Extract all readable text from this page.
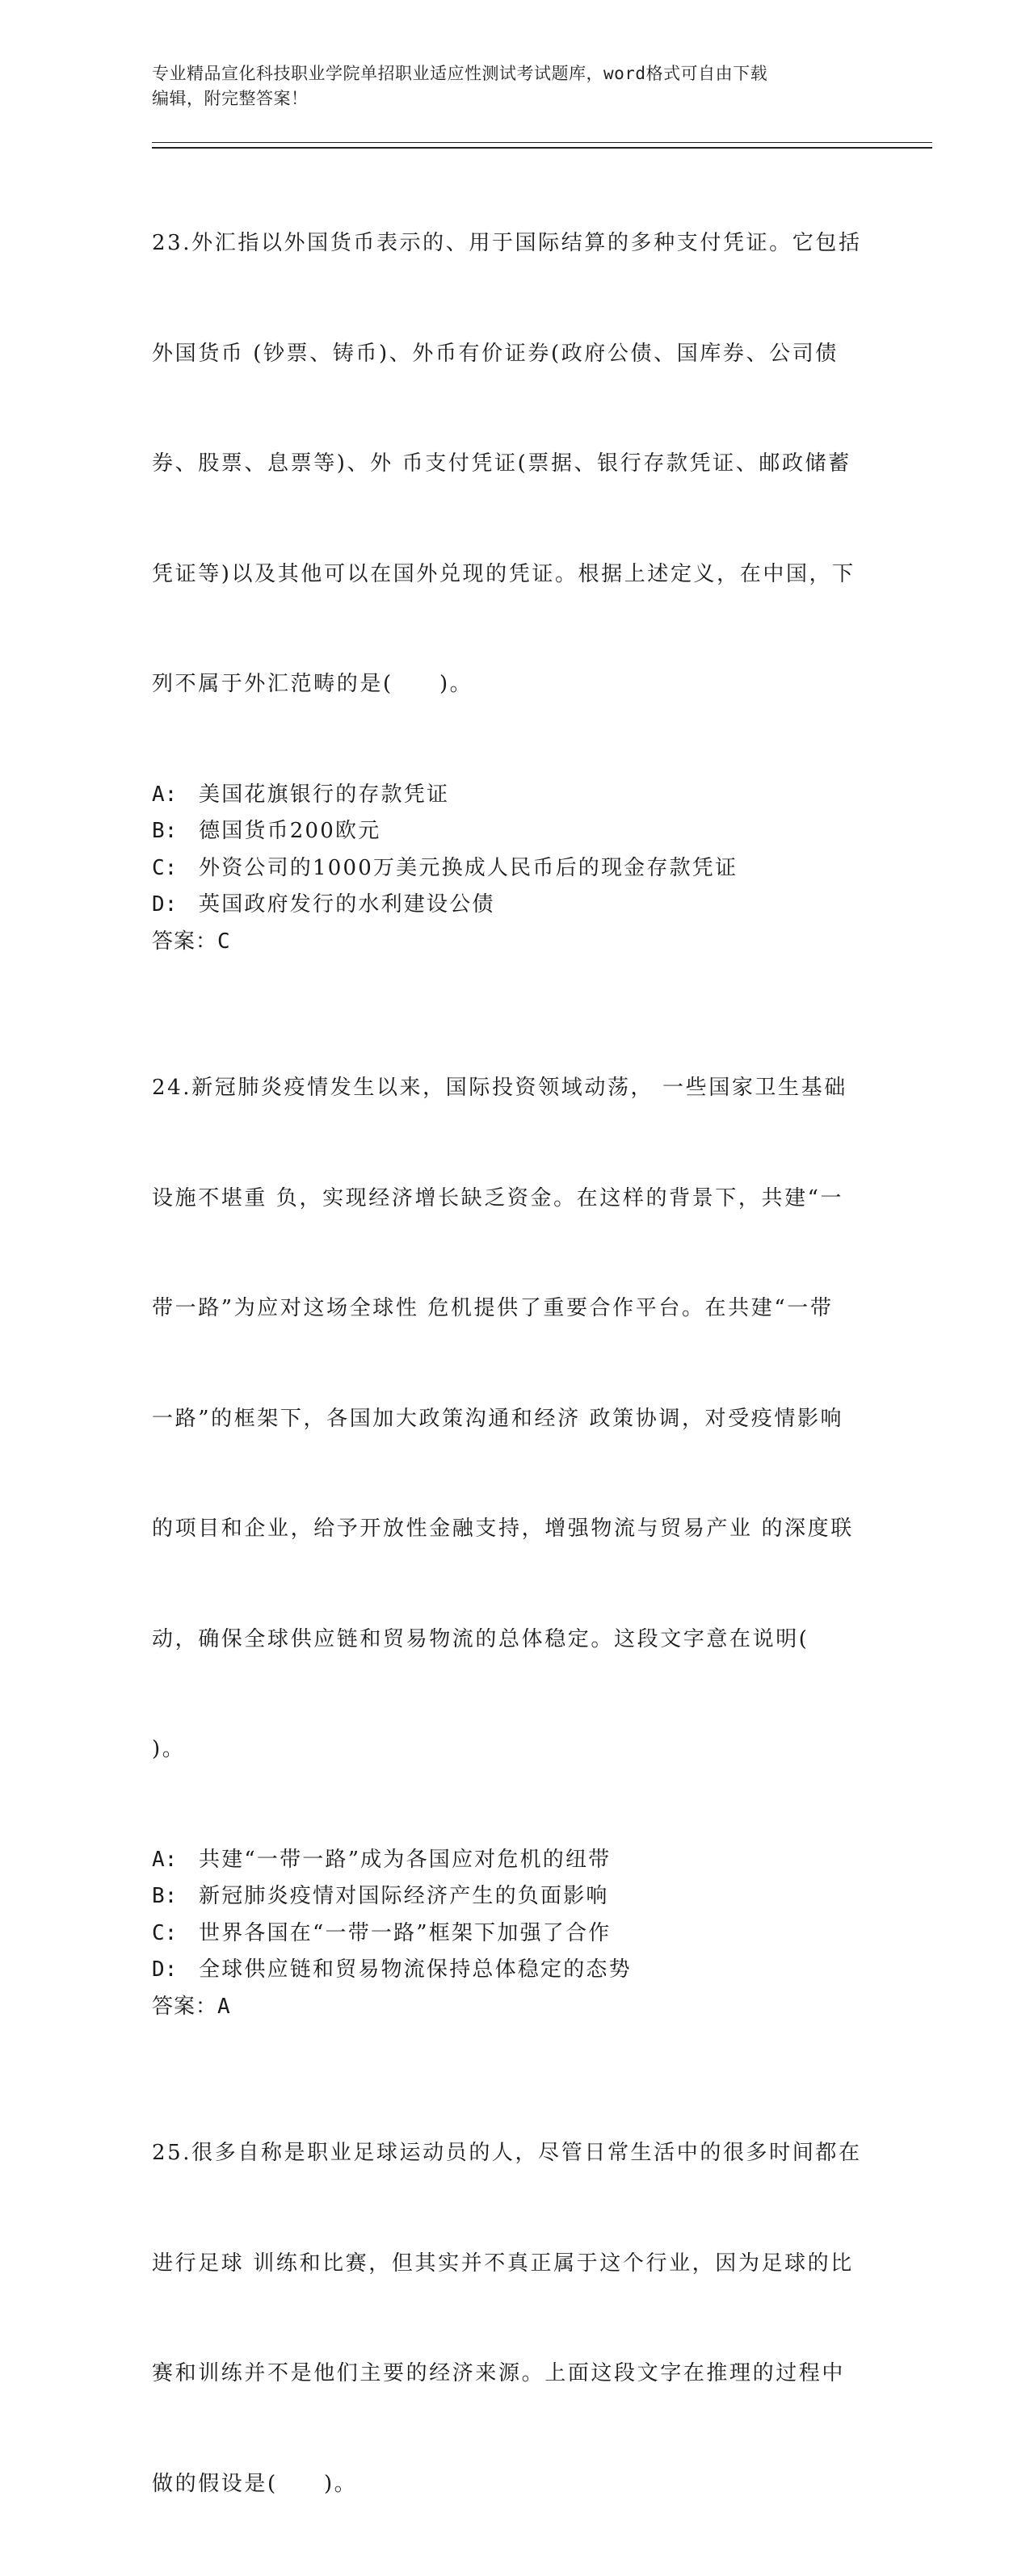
专业精品宣化科技职业学院单招职业适应性测试考试题库，word格式可自由下载
编辑，附完整答案！

23.外汇指以外国货币表示的、用于国际结算的多种支付凭证。它包括

外国货币 (钞票、铸币)、外币有价证券(政府公债、国库券、公司债

券、股票、息票等)、外 币支付凭证(票据、银行存款凭证、邮政储蓄

凭证等)以及其他可以在国外兑现的凭证。根据上述定义，在中国，下

列不属于外汇范畴的是(　　)。

A:	美国花旗银行的存款凭证
B:	德国货币200欧元
C:	外资公司的1000万美元换成人民币后的现金存款凭证
D:	英国政府发行的水利建设公债
答案：C

24.新冠肺炎疫情发生以来，国际投资领域动荡， 一些国家卫生基础

设施不堪重 负，实现经济增长缺乏资金。在这样的背景下，共建“一

带一路”为应对这场全球性 危机提供了重要合作平台。在共建“一带

一路”的框架下，各国加大政策沟通和经济 政策协调，对受疫情影响

的项目和企业，给予开放性金融支持，增强物流与贸易产业 的深度联

动，确保全球供应链和贸易物流的总体稳定。这段文字意在说明(

)。

A:	共建“一带一路”成为各国应对危机的纽带
B:	新冠肺炎疫情对国际经济产生的负面影响
C:	世界各国在“一带一路”框架下加强了合作
D:	全球供应链和贸易物流保持总体稳定的态势
答案：A

25.很多自称是职业足球运动员的人，尽管日常生活中的很多时间都在

进行足球 训练和比赛，但其实并不真正属于这个行业，因为足球的比

赛和训练并不是他们主要的经济来源。上面这段文字在推理的过程中

做的假设是(　　)。
